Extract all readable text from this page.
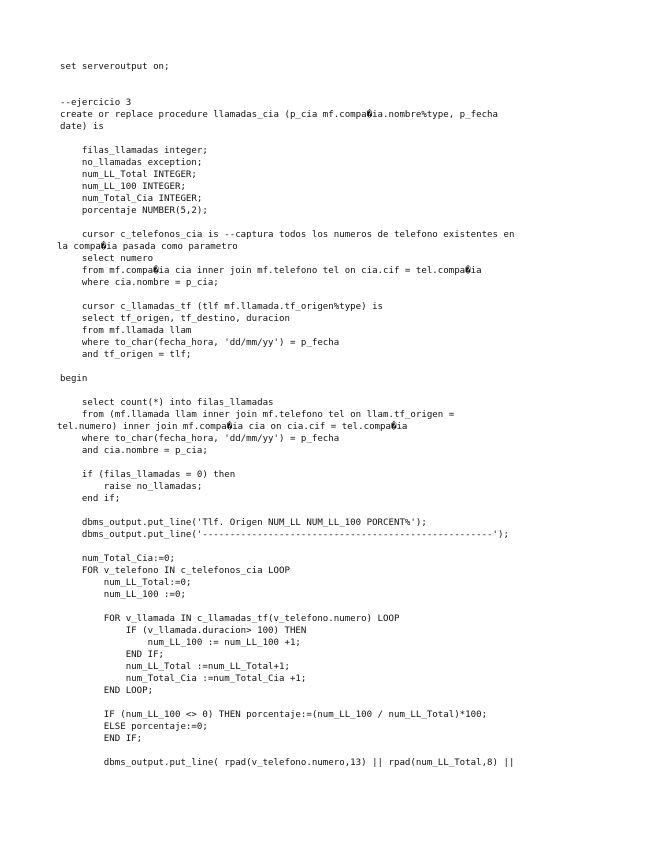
set serveroutput on;
--ejercicio 3
create or replace procedure llamadas_cia (p_cia mf.compa�ia.nombre%type, p_fecha
date) is
filas_llamadas integer;
no_llamadas exception;
num_LL_Total INTEGER;
num_LL_100 INTEGER;
num_Total_Cia INTEGER;
porcentaje NUMBER(5,2);
cursor c_telefonos_cia is --captura todos los numeros de telefono existentes en
la compa�ia pasada como parametro
select numero
from mf.compa�ia cia inner join mf.telefono tel on cia.cif = tel.compa�ia
where cia.nombre = p_cia;
cursor c_llamadas_tf (tlf mf.llamada.tf_origen%type) is
select tf_origen, tf_destino, duracion
from mf.llamada llam
where to_char(fecha_hora, 'dd/mm/yy') = p_fecha
and tf_origen = tlf;
begin
select count(*) into filas_llamadas
from (mf.llamada llam inner join mf.telefono tel on llam.tf_origen =
tel.numero) inner join mf.compa�ia cia on cia.cif = tel.compa�ia
where to_char(fecha_hora, 'dd/mm/yy') = p_fecha
and cia.nombre = p_cia;
if (filas_llamadas = 0) then
raise no_llamadas;
end if;
dbms_output.put_line('Tlf. Origen NUM_LL NUM_LL_100 PORCENT%');
dbms_output.put_line('-----------------------------------------------------');
num_Total_Cia:=0;
FOR v_telefono IN c_telefonos_cia LOOP
num_LL_Total:=0;
num_LL_100 :=0;
FOR v_llamada IN c_llamadas_tf(v_telefono.numero) LOOP
IF (v_llamada.duracion> 100) THEN
num_LL_100 := num_LL_100 +1;
END IF;
num_LL_Total :=num_LL_Total+1;
num_Total_Cia :=num_Total_Cia +1;
END LOOP;
IF (num_LL_100 <> 0) THEN porcentaje:=(num_LL_100 / num_LL_Total)*100;
ELSE porcentaje:=0;
END IF;
dbms_output.put_line( rpad(v_telefono.numero,13) || rpad(num_LL_Total,8) ||
